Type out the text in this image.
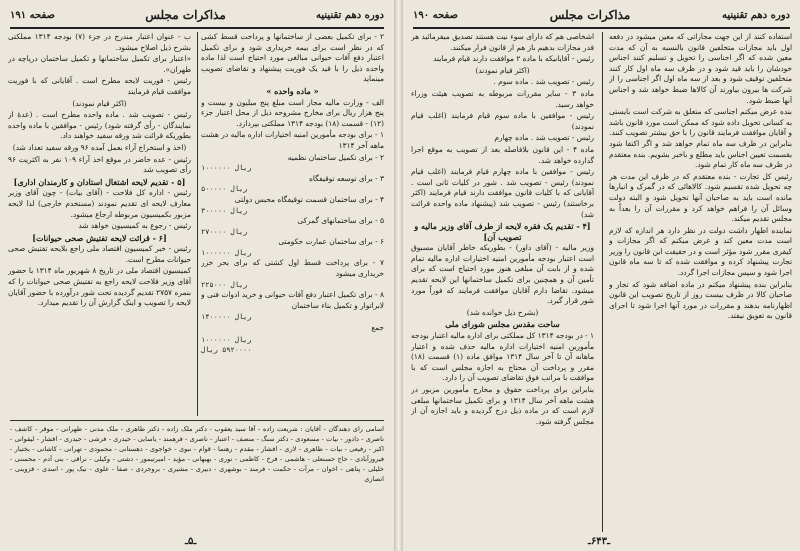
دوره دهم تقنینیه
مذاکرات مجلس
صفحه ۱۹۱

۲ - برای تکمیل بعضی از ساختمانها و پرداخت قسط کشی که در نظر است برای بیمه خریداری شود و برای تکمیل اعتبار دفع آفات حیوانی مبالغی مورد احتیاج است لذا ماده واحده ذیل را با قید یک فوریت پیشنهاد و تقاضای تصویب مینماید

« ماده واحده »

الف - وزارت مالیه مجاز است مبلغ پنج میلیون و بیست و پنج هزار ریال برای مخارج مشروحه ذیل از محل اعتبار جزء (۱۲) - قسمت (۱۸) بودجه ۱۳۱۴ مملکتی بپردازد.

۱ - برای بودجه مأمورین امنیه اختیارات اداره مالیه در هشت ماهه آخر ۱۳۱۴

۲ - برای تکمیل ساختمان نظمیه
۱۰۰۰۰۰۰ ریال
۳ - برای توسعه توقیفگاه
۵۰۰۰۰۰ ریال
۴ - برای ساختمان قسمت توقیفگاه محبس دولتی
۳۰۰۰۰۰ ریال
۵ - برای ساختمانهای گمرکی
۲۷۰۰۰۰ ریال
۶ - برای ساختمان عمارت حکومتی
۱۰۰۰۰۰۰ ریال
۷ - برای پرداخت قسط اول کشتی که برای بحر خزر خریداری میشود
۲۲۵۰۰۰ ریال

۸ - برای تکمیل اعتبار دفع آفات حیوانی و خرید ادوات فنی و لابراتوار و تکمیل بناء ساختمان

۱۴۰۰۰۰۰ ریال

جمع

۱۰۰۰۰۰۰ ریال
۵۹۲۰۰۰۰ ریال

ب - عنوان اعتبار مندرج در جزء (۷) بودجه ۱۳۱۴ مملکتی بشرح ذیل اصلاح میشود.

«اعتبار برای تکمیل ساختمانها و تکمیل ساختمان دریاچه در طهران».

رئیس - فوریت لایحه مطرح است . آقایانی که با فوریت موافقت قیام فرمایند

(اکثر قیام نمودند)

رئیس - تصویب شد . ماده واحده مطرح است . (عدهٔ از نمایندگان - رأی گرفته شود) رئیس - موافقین با ماده واحده بطوریکه قرائت شد ورقه سفید خواهند داد.

(اخذ و استخراج آراء بعمل آمده ۹۶ ورقه سفید تعداد شد)

رئیس - عده حاضر در موقع اخذ آراء ۱۰۹ نفر به اکثریت ۹۶ رأی تصویب شد

[۵ - تقدیم لایحه اشتغال استادان و کارمندان اداری]

رئیس - اداره کل فلاحت - (آقای بیات) - چون آقای وزیر معارف لایحه ای تقدیم نمودند (مستخدم خارجی) لذا لایحه مزبور بکمیسیون مربوطه ارجاع میشود.

رئیس - رجوع به کمیسیون خواهد شد

[۶ - قرائت لایحه تفتیش صحی حیوانات]

رئیس - خبر کمیسیون اقتصاد ملی راجع بلایحه تفتیش صحی حیوانات مطرح است.

کمیسیون اقتصاد ملی در تاریخ ۸ شهریور ماه ۱۳۱۴ با حضور آقای وزیر فلاحت لایحه راجع به تفتیش صحی حیوانات را که بنمره ۲۷۵۷ تقدیم گردیده تحت شور درآورده با حضور آقایان لایحه را تصویب و اینک گزارش آن را تقدیم میدارد.

اسامی رای دهندگان - آقایان : شریعت زاده - آقا سید یعقوب - دکتر ملک زاده - دکتر طاهری - ملک مدنی - طهرانی - موقر - کاشف - ناصری - دادور - بیات - مسعودی - دکتر سنگ - منصف - اعتبار - ناصری - فرهمند - یاسایی - حیدری - فرشی - حیدری - افشار - لیقوانی - اکبر - رفیعی - بیات - طاهری - لاری - افشار - مقدم - رهنما - قوام - نبوی - خواجوی - دهستانی - محمودی - تهرانی - کاشانی - بختیار - فیروزآبادی - حاج حسنعلی - هاشمی - فرخ - کاظمی - نوری - بهبهانی - مؤید - امیرتیمور - دشتی - وکیلی - نراقی - بنی آدم - محسنی - خلیلی - پناهی - اخوان - مرآت - حکمت - فرمند - بوشهری - دبیری - مشیری - بروجردی - صفا - علوی - نیک پور - اسدی - قزوینی - انصاری
ـ۵ـ
دوره دهم تقنینیه
مذاکرات مجلس
صفحه ۱۹۰

استفاده کنند از این جهت مجازاتی که معین میشود در دفعه اول باید مجازات متخلفین قانون بالنسبه به آن که مدت معین شده که اگر اجناسی را تحویل و تسلیم کنند اجناس خودشان را باید قید شود و در ظرف سه ماه اول کار کنند متخلفین توقیف شود و بعد از سه ماه اول اگر اجناسی را از شرکت ها بیرون بیاورند آن کالاها ضبط خواهد شد و اجناس آنها ضبط شود.

بنده عرض میکنم اجناسی که متعلق به شرکت است بایستی به کسانی تحویل داده شود که ممکن است مورد قانون باشد و آقایان موافقت فرمایند قانون را با حق بیشتر تصویب کنند. بنابراین در ظرف سه ماه تمام خواهد شد و اگر اکتفا شود بقسمت تعیین اجناس باید مطلع و باخبر بشویم. بنده معتقدم در ظرف سه ماه کار تمام شود.

رئیس کل تجارت - بنده معتقدم که در ظرف این مدت هر چه تحویل شده تقسیم شود. کالاهائی که در گمرک و انبارها مانده است باید به صاحبان آنها تحویل شود و البته دولت وسائل آن را فراهم خواهد کرد و مقررات آن را بعداً به مجلس تقدیم میکند.

نماینده اظهار داشت دولت در نظر دارد هر اندازه که لازم است مدت معین کند و عرض میکنم که اگر مجازات و کیفری مقرر شود مؤثر است و در حقیقت این قانون را وزیر تجارت پیشنهاد کرده و موافقت شده که تا سه ماه قانون اجرا شود و سپس مجازات اجرا گردد.

بنابراین بنده پیشنهاد میکنم در ماده اضافه شود که تجار و صاحبان کالا در ظرف بیست روز از تاریخ تصویب این قانون اظهارنامه بدهند و مقررات در مورد آنها اجرا شود تا اجرای قانون به تعویق نیفتد.

اشخاصی هم که دارای سوء نیت هستند تصدیق میفرمائید هر قدر مجازات بدهیم باز هم از قانون فرار میکنند.

رئیس - آقایانیکه با ماده ۲ موافقت دارند قیام فرمایند

(اکثر قیام نمودند)

رئیس - تصویب شد . ماده سوم .

ماده ۳ - سایر مقررات مربوطه به تصویب هیئت وزراء خواهد رسید.

رئیس - موافقین با ماده سوم قیام فرمایند (اغلب قیام نمودند)

رئیس - تصویب شد . ماده چهارم

ماده ۴ - این قانون بلافاصله بعد از تصویب به موقع اجرا گذارده خواهد شد.

رئیس - موافقین با ماده چهارم قیام فرمایند (اغلب قیام نمودند) رئیس - تصویب شد . شور در کلیات ثانی است . آقایانی که با کلیات قانون موافقت دارند قیام فرمایند (اکثر برخاستند) رئیس - تصویب شد (پیشنهاد ماده واحده قرائت شد)

[۴ - تقدیم یک فقره لایحه از طرف آقای وزیر مالیه و تصویب آن]

وزیر مالیه - (آقای داور) - بطوریکه خاطر آقایان مسبوق است اعتبار بودجه مأمورین امنیه اختیارات اداره مالیه تمام شده و از بابت آن مبلغی هنوز مورد احتیاج است که برای تأمین آن و همچنین برای تکمیل ساختمانها این لایحه تقدیم میشود. تقاضا دارم آقایان موافقت فرمایند که فوراً مورد شور قرار گیرد.

(بشرح ذیل خوانده شد)

ساحت مقدس مجلس شورای ملی

۱ - در بودجه ۱۳۱۴ کل مملکتی برای اداره مالیه اعتبار بودجه مأمورین امنیه اختیارات اداره مالیه حذف شده و اعتبار ماهانه آن تا آخر سال ۱۳۱۴ موافق ماده (۱) قسمت (۱۸) مقرر و پرداخت آن محتاج به اجازه مجلس است که با موافقت با مراتب فوق تقاضای تصویب آن را دارد.

بنابراین برای پرداخت حقوق و مخارج مأمورین مزبور در هشت ماهه آخر سال ۱۳۱۴ و برای تکمیل ساختمانها مبلغی لازم است که در ماده ذیل درج گردیده و باید اجازه آن از مجلس گرفته شود.

ـ۶۴۳ـ
